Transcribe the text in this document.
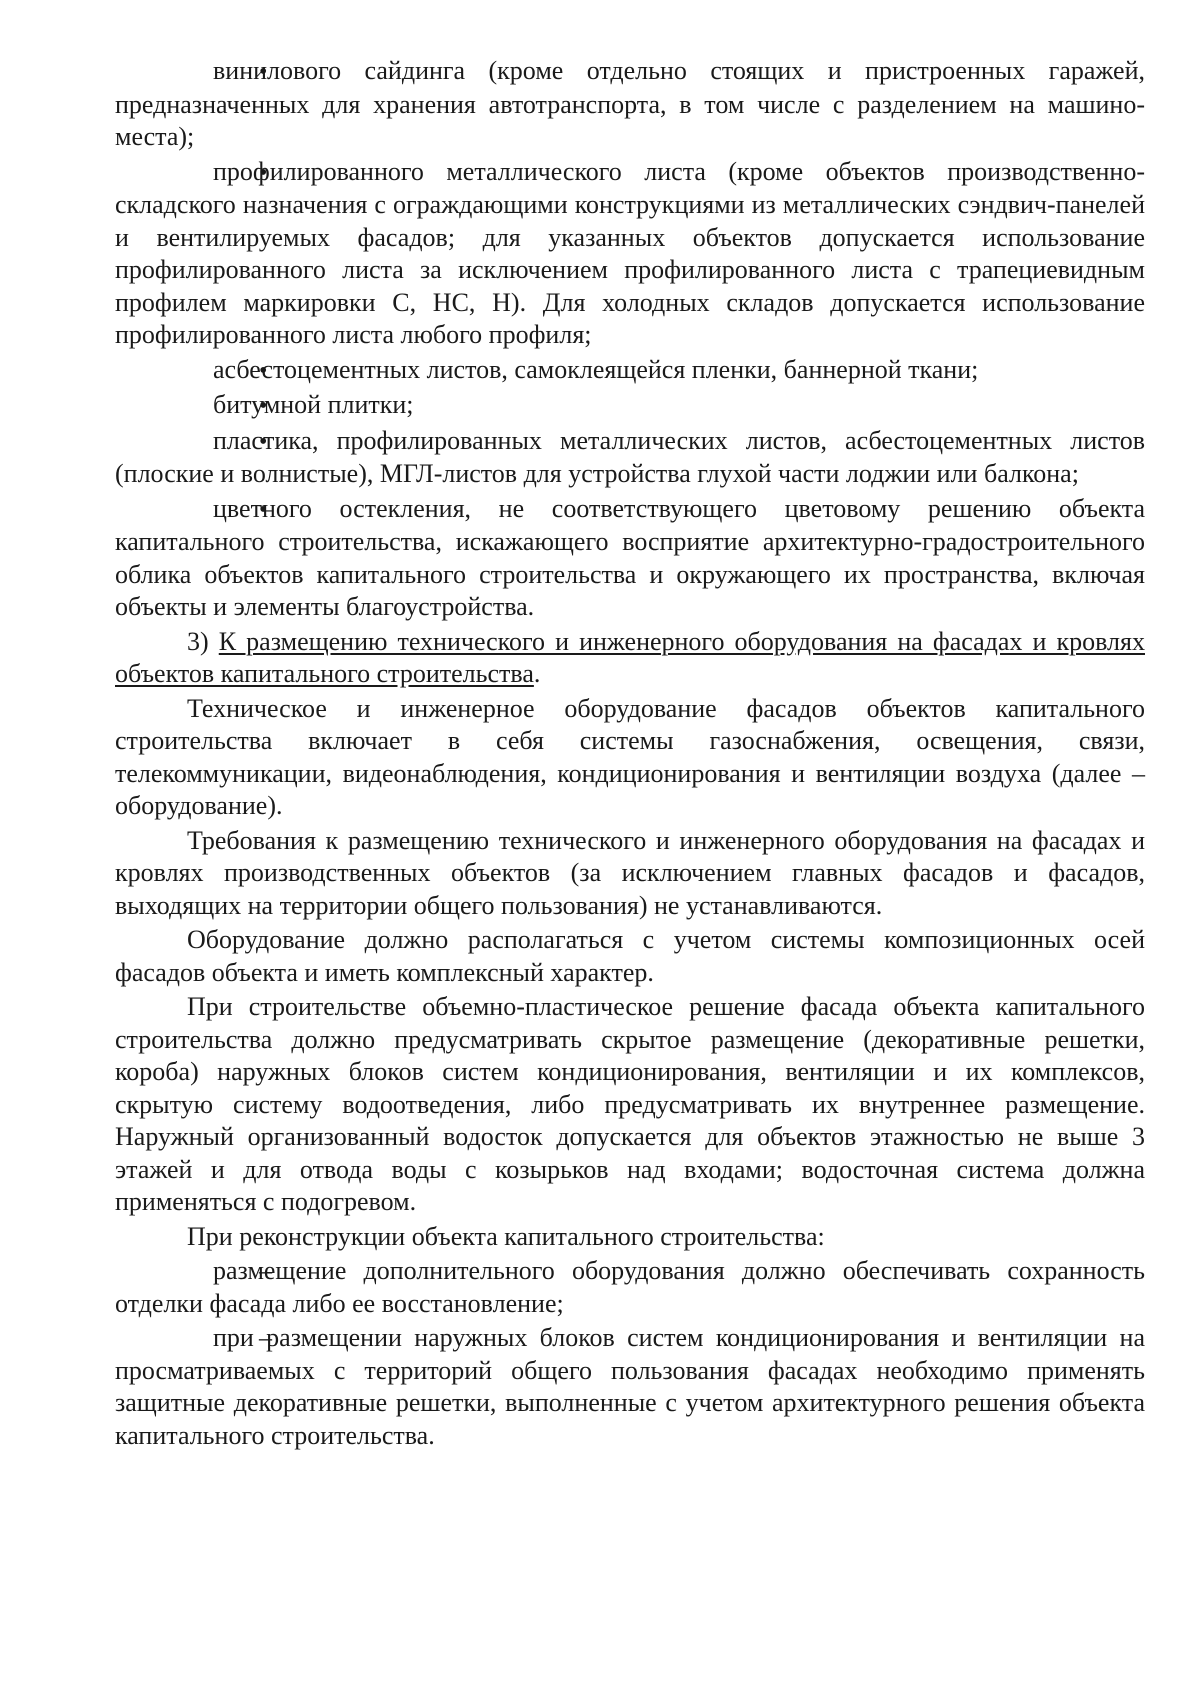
• винилового сайдинга (кроме отдельно стоящих и пристроенных гаражей, предназначенных для хранения автотранспорта, в том числе с разделением на машино-места);

• профилированного металлического листа (кроме объектов производственно-складского назначения с ограждающими конструкциями из металлических сэндвич-панелей и вентилируемых фасадов; для указанных объектов допускается использование профилированного листа за исключением профилированного листа с трапециевидным профилем маркировки С, НС, Н). Для холодных складов допускается использование профилированного листа любого профиля;

• асбестоцементных листов, самоклеящейся пленки, баннерной ткани;

• битумной плитки;

• пластика, профилированных металлических листов, асбестоцементных листов (плоские и волнистые), МГЛ-листов для устройства глухой части лоджии или балкона;

• цветного остекления, не соответствующего цветовому решению объекта капитального строительства, искажающего восприятие архитектурно-градостроительного облика объектов капитального строительства и окружающего их пространства, включая объекты и элементы благоустройства.

3) К размещению технического и инженерного оборудования на фасадах и кровлях объектов капитального строительства.

Техническое и инженерное оборудование фасадов объектов капитального строительства включает в себя системы газоснабжения, освещения, связи, телекоммуникации, видеонаблюдения, кондиционирования и вентиляции воздуха (далее – оборудование).

Требования к размещению технического и инженерного оборудования на фасадах и кровлях производственных объектов (за исключением главных фасадов и фасадов, выходящих на территории общего пользования) не устанавливаются.

Оборудование должно располагаться с учетом системы композиционных осей фасадов объекта и иметь комплексный характер.

При строительстве объемно-пластическое решение фасада объекта капитального строительства должно предусматривать скрытое размещение (декоративные решетки, короба) наружных блоков систем кондиционирования, вентиляции и их комплексов, скрытую систему водоотведения, либо предусматривать их внутреннее размещение. Наружный организованный водосток допускается для объектов этажностью не выше 3 этажей и для отвода воды с козырьков над входами; водосточная система должна применяться с подогревом.

При реконструкции объекта капитального строительства:

– размещение дополнительного оборудования должно обеспечивать сохранность отделки фасада либо ее восстановление;

– при размещении наружных блоков систем кондиционирования и вентиляции на просматриваемых с территорий общего пользования фасадах необходимо применять защитные декоративные решетки, выполненные с учетом архитектурного решения объекта капитального строительства.
